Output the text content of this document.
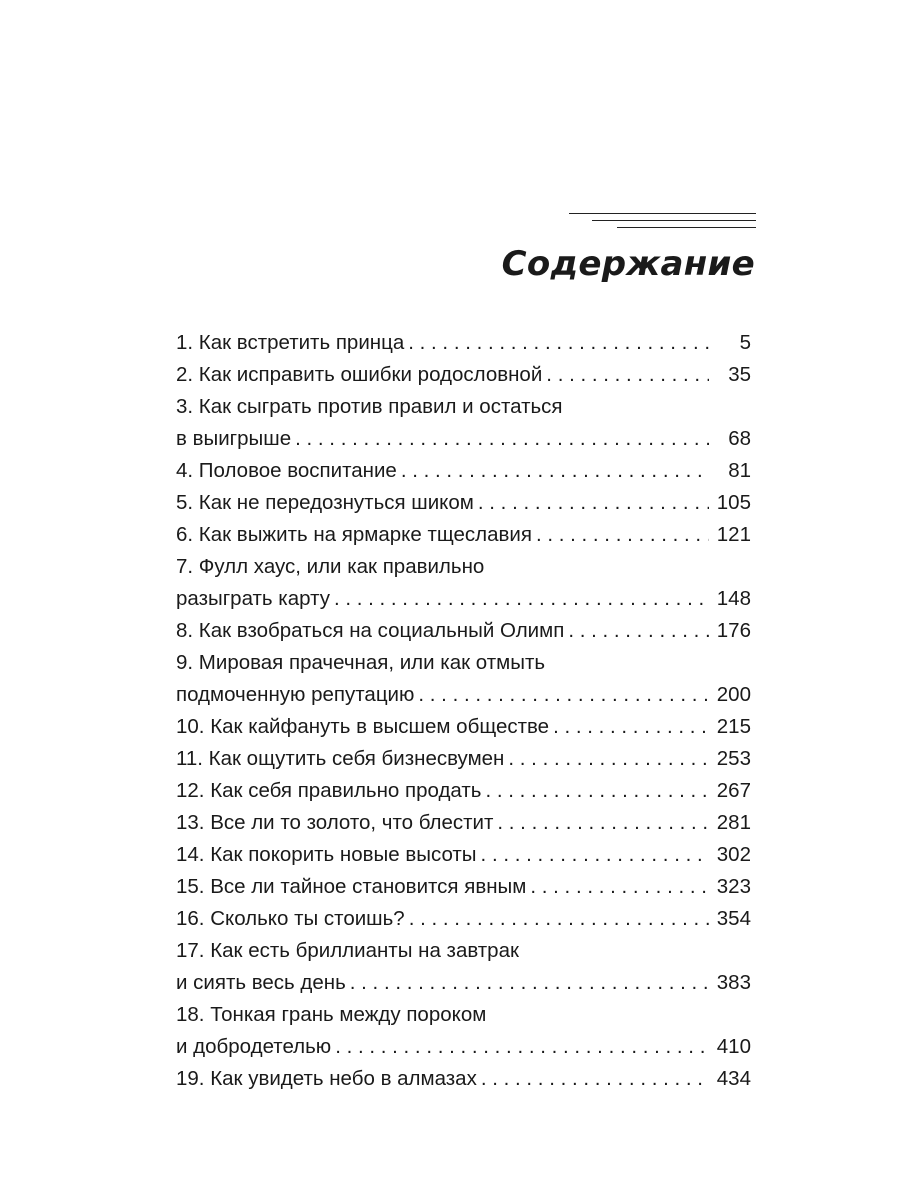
Содержание
1. Как встретить принца . . .	5
2. Как исправить ошибки родословной . . .	35
3. Как сыграть против правил и остаться
в выигрыше . . .	68
4. Половое воспитание . . .	81
5. Как не передознуться шиком . . .	105
6. Как выжить на ярмарке тщеславия . . .	121
7. Фулл хаус, или как правильно
разыграть карту . . .	148
8. Как взобраться на социальный Олимп . . .	176
9. Мировая прачечная, или как отмыть
подмоченную репутацию . . .	200
10. Как кайфануть в высшем обществе . . .	215
11. Как ощутить себя бизнесвумен . . .	253
12. Как себя правильно продать . . .	267
13. Все ли то золото, что блестит . . .	281
14. Как покорить новые высоты . . .	302
15. Все ли тайное становится явным . . .	323
16. Сколько ты стоишь? . . .	354
17. Как есть бриллианты на завтрак
и сиять весь день . . .	383
18. Тонкая грань между пороком
и добродетелью . . .	410
19. Как увидеть небо в алмазах . . .	434
